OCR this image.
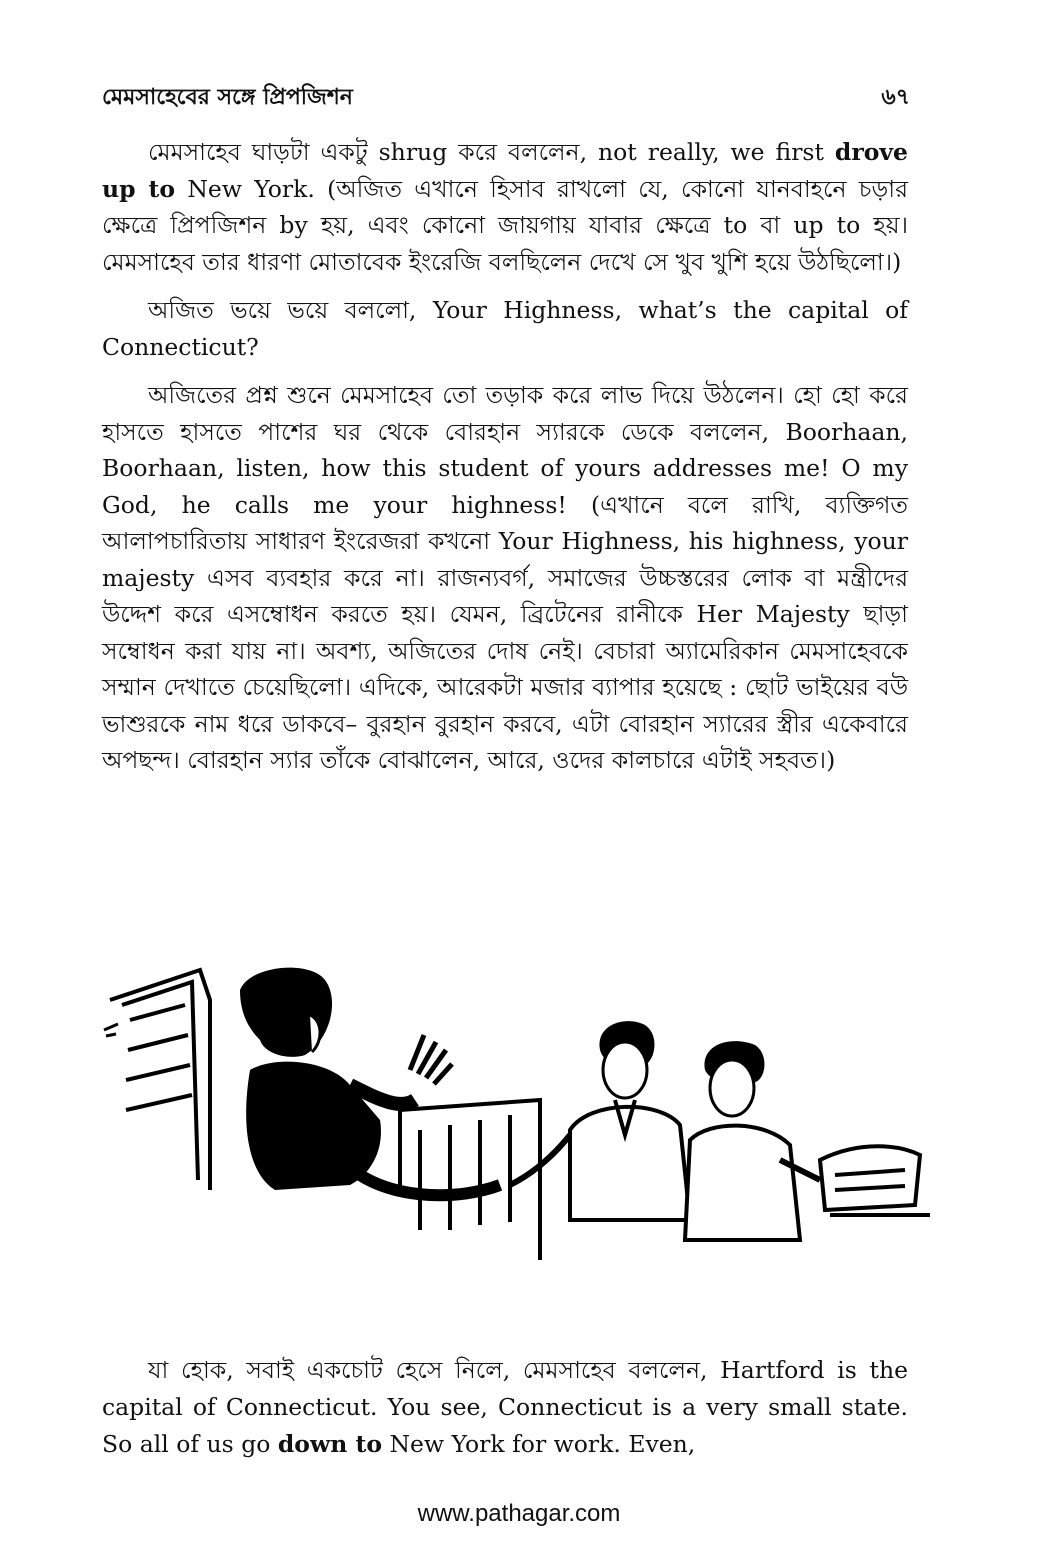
মেমসাহেবের সঙ্গে প্রিপজিশন	৬৭

মেমসাহেব ঘাড়টা একটু shrug করে বললেন, not really, we first drove up to New York. (অজিত এখানে হিসাব রাখলো যে, কোনো যানবাহনে চড়ার ক্ষেত্রে প্রিপজিশন by হয়, এবং কোনো জায়গায় যাবার ক্ষেত্রে to বা up to হয়। মেমসাহেব তার ধারণা মোতাবেক ইংরেজি বলছিলেন দেখে সে খুব খুশি হয়ে উঠছিলো।)

অজিত ভয়ে ভয়ে বললো, Your Highness, what’s the capital of Connecticut?

অজিতের প্রশ্ন শুনে মেমসাহেব তো তড়াক করে লাভ দিয়ে উঠলেন। হো হো করে হাসতে হাসতে পাশের ঘর থেকে বোরহান স্যারকে ডেকে বললেন, Boorhaan, Boorhaan, listen, how this student of yours addresses me! O my God, he calls me your highness! (এখানে বলে রাখি, ব্যক্তিগত আলাপচারিতায় সাধারণ ইংরেজরা কখনো Your Highness, his highness, your majesty এসব ব্যবহার করে না। রাজন্যবর্গ, সমাজের উচ্চস্তরের লোক বা মন্ত্রীদের উদ্দেশ করে এসম্বোধন করতে হয়। যেমন, ব্রিটেনের রানীকে Her Majesty ছাড়া সম্বোধন করা যায় না। অবশ্য, অজিতের দোষ নেই। বেচারা অ্যামেরিকান মেমসাহেবকে সম্মান দেখাতে চেয়েছিলো। এদিকে, আরেকটা মজার ব্যাপার হয়েছে : ছোট ভাইয়ের বউ ভাশুরকে নাম ধরে ডাকবে– বুরহান বুরহান করবে, এটা বোরহান স্যারের স্ত্রীর একেবারে অপছন্দ। বোরহান স্যার তাঁকে বোঝালেন, আরে, ওদের কালচারে এটাই সহবত।)

যা হোক, সবাই একচোট হেসে নিলে, মেমসাহেব বললেন, Hartford is the capital of Connecticut. You see, Connecticut is a very small state. So all of us go down to New York for work. Even,

www.pathagar.com
